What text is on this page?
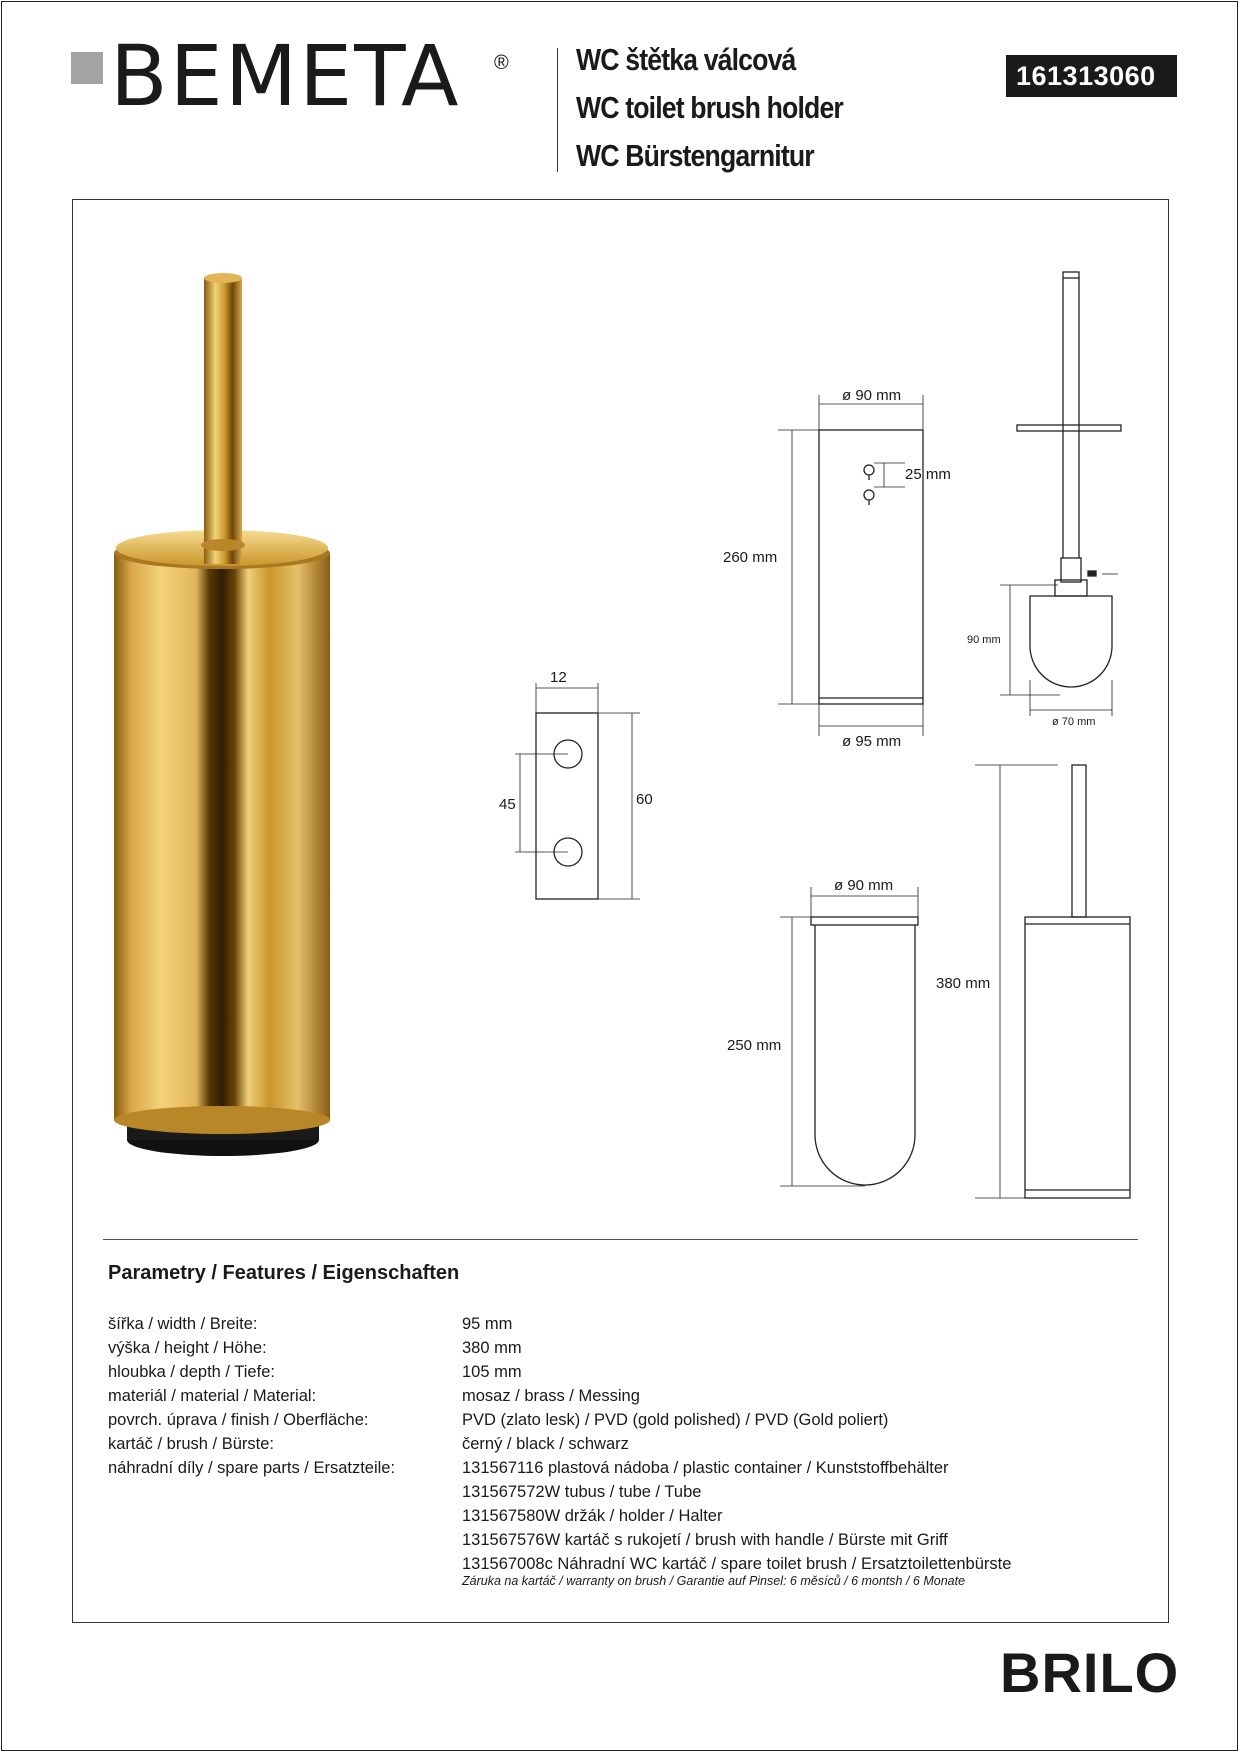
BEMETA ® WC štětka válcová
WC toilet brush holder
WC Bürstengarnitur
161313060
12
60
45
ø 90 mm
260 mm
25 mm
ø 95 mm
ø 90 mm
250 mm
380 mm
90 mm
ø 70 mm
Parametry / Features / Eigenschaften
šířka / width / Breite:	95 mm
výška / height / Höhe:	380 mm
hloubka / depth / Tiefe:	105 mm
materiál / material / Material:	mosaz / brass / Messing
povrch. úprava / finish / Oberfläche:	PVD (zlato lesk) / PVD (gold polished) / PVD (Gold poliert)
kartáč / brush / Bürste:	černý / black / schwarz
náhradní díly / spare parts / Ersatzteile:	131567116 plastová nádoba / plastic container / Kunststoffbehälter
131567572W tubus / tube / Tube
131567580W držák / holder / Halter
131567576W kartáč s rukojetí / brush with handle / Bürste mit Griff
131567008c Náhradní WC kartáč / spare toilet brush / Ersatztoilettenbürste
Záruka na kartáč / warranty on brush / Garantie auf Pinsel: 6 měsíců / 6 montsh / 6 Monate
BRILO
